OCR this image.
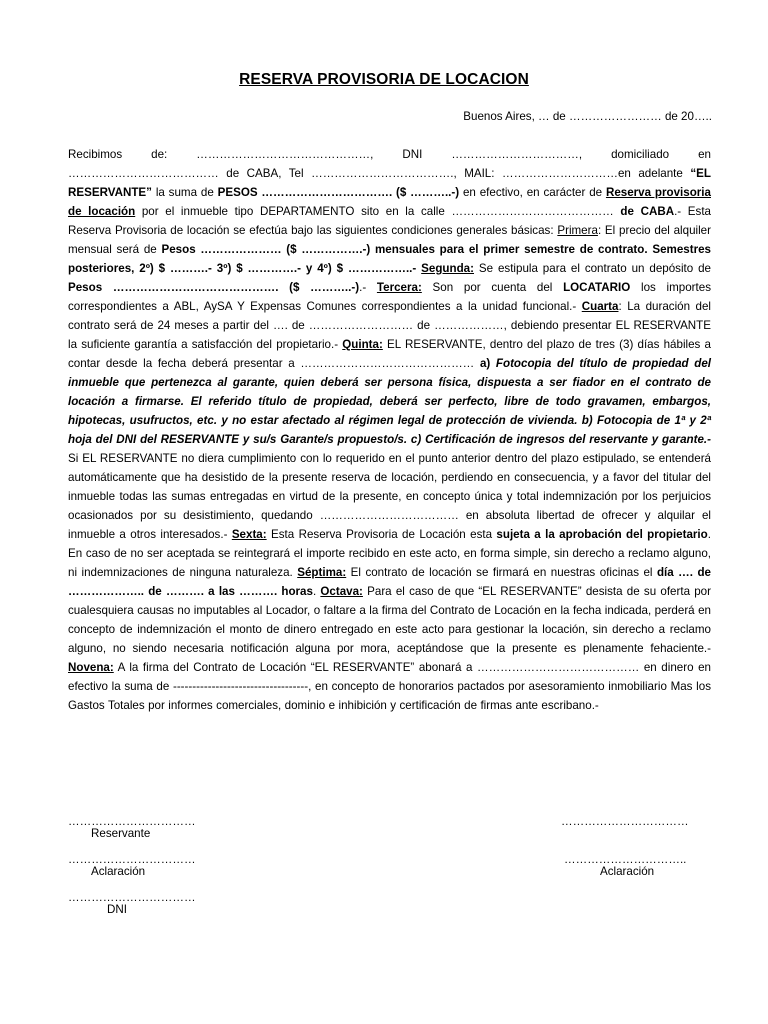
RESERVA PROVISORIA DE LOCACION
Buenos Aires, … de …………………… de 20…..
Recibimos de: ………………………………………, DNI ……………………………, domiciliado en ………………………………… de CABA, Tel ………………………………., MAIL: …………………………en adelante “EL RESERVANTE” la suma de PESOS ……………………………. ($ ………..-) en efectivo, en carácter de Reserva provisoria de locación por el inmueble tipo DEPARTAMENTO sito en la calle …………………………………… de CABA.- Esta Reserva Provisoria de locación se efectúa bajo las siguientes condiciones generales básicas: Primera: El precio del alquiler mensual será de Pesos ………………… ($ …………….-) mensuales para el primer semestre de contrato. Semestres posteriores, 2º) $ ……….- 3º) $ ………….- y 4º) $ ……………..- Segunda: Se estipula para el contrato un depósito de Pesos ……………………………………. ($ ………..-).- Tercera: Son por cuenta del LOCATARIO los importes correspondientes a ABL, AySA Y Expensas Comunes correspondientes a la unidad funcional.- Cuarta: La duración del contrato será de 24 meses a partir del …. de ……………………… de ………………, debiendo presentar EL RESERVANTE la suficiente garantía a satisfacción del propietario.- Quinta: EL RESERVANTE, dentro del plazo de tres (3) días hábiles a contar desde la fecha deberá presentar a ……………………………………… a) Fotocopia del título de propiedad del inmueble que pertenezca al garante, quien deberá ser persona física, dispuesta a ser fiador en el contrato de locación a firmarse. El referido título de propiedad, deberá ser perfecto, libre de todo gravamen, embargos, hipotecas, usufructos, etc. y no estar afectado al régimen legal de protección de vivienda. b) Fotocopia de 1ª y 2ª hoja del DNI del RESERVANTE y su/s Garante/s propuesto/s. c) Certificación de ingresos del reservante y garante.- Si EL RESERVANTE no diera cumplimiento con lo requerido en el punto anterior dentro del plazo estipulado, se entenderá automáticamente que ha desistido de la presente reserva de locación, perdiendo en consecuencia, y a favor del titular del inmueble todas las sumas entregadas en virtud de la presente, en concepto única y total indemnización por los perjuicios ocasionados por su desistimiento, quedando ……………………………… en absoluta libertad de ofrecer y alquilar el inmueble a otros interesados.- Sexta: Esta Reserva Provisoria de Locación esta sujeta a la aprobación del propietario. En caso de no ser aceptada se reintegrará el importe recibido en este acto, en forma simple, sin derecho a reclamo alguno, ni indemnizaciones de ninguna naturaleza. Séptima: El contrato de locación se firmará en nuestras oficinas el día …. de ……………….. de ………. a las ………. horas. Octava: Para el caso de que “EL RESERVANTE” desista de su oferta por cualesquiera causas no imputables al Locador, o faltare a la firma del Contrato de Locación en la fecha indicada, perderá en concepto de indemnización el monto de dinero entregado en este acto para gestionar la locación, sin derecho a reclamo alguno, no siendo necesaria notificación alguna por mora, aceptándose que la presente es plenamente fehaciente.- Novena: A la firma del Contrato de Locación “EL RESERVANTE” abonará a …………………………………… en dinero en efectivo la suma de -----------------------------------, en concepto de honorarios pactados por asesoramiento inmobiliario Mas los Gastos Totales por informes comerciales, dominio e inhibición y certificación de firmas ante escribano.-
……………………………
Reservante
……………………………
Aclaración
……………………………
DNI
……………………………
…………………………..
Aclaración
